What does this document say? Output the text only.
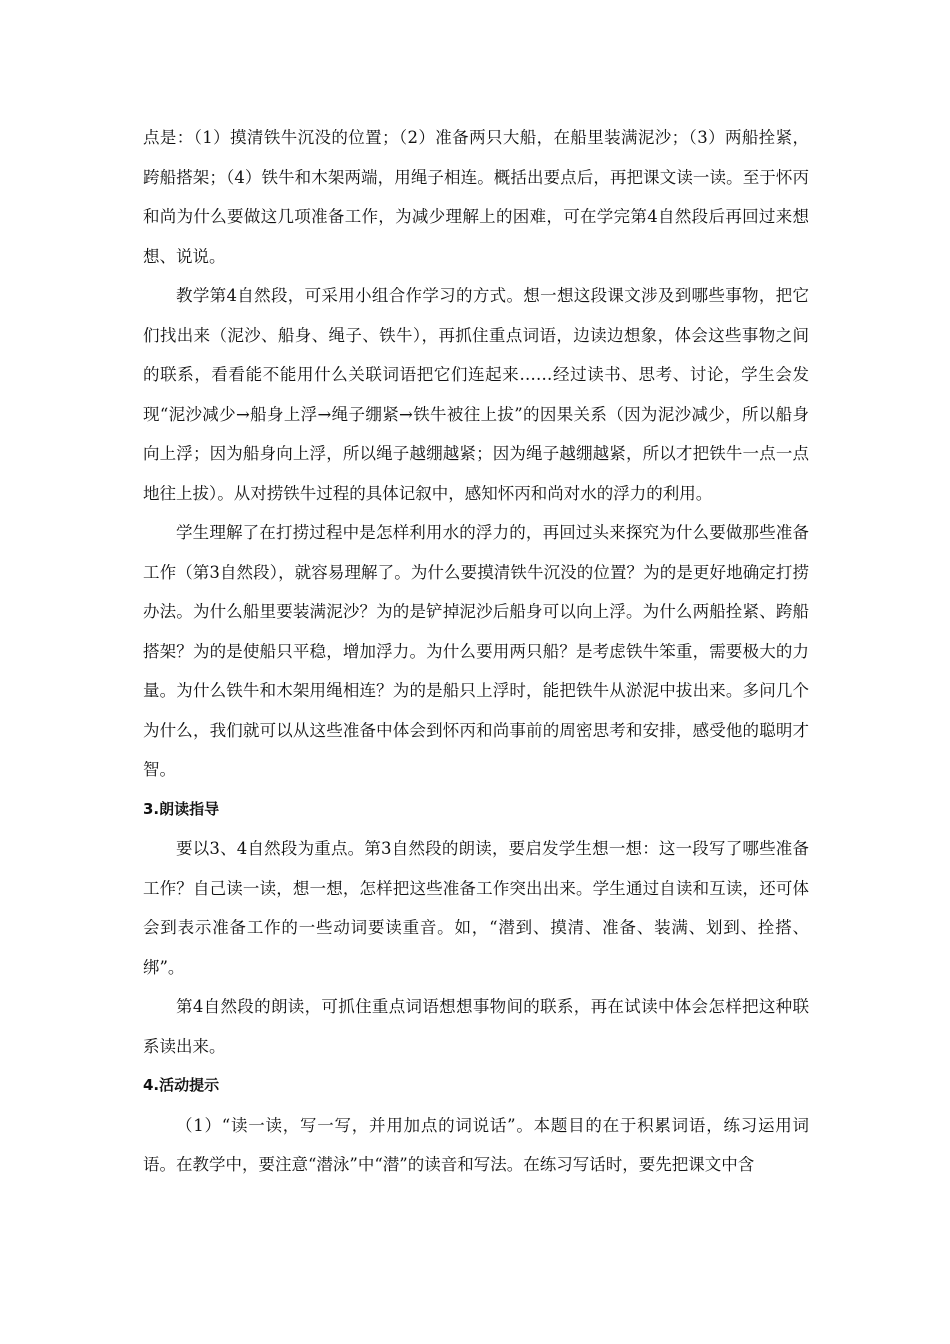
点是：（1）摸清铁牛沉没的位置；（2）准备两只大船，在船里装满泥沙；（3）两船拴紧，跨船搭架；（4）铁牛和木架两端，用绳子相连。概括出要点后，再把课文读一读。至于怀丙和尚为什么要做这几项准备工作，为减少理解上的困难，可在学完第4自然段后再回过来想想、说说。

教学第4自然段，可采用小组合作学习的方式。想一想这段课文涉及到哪些事物，把它们找出来（泥沙、船身、绳子、铁牛），再抓住重点词语，边读边想象，体会这些事物之间的联系，看看能不能用什么关联词语把它们连起来……经过读书、思考、讨论，学生会发现“泥沙减少→船身上浮→绳子绷紧→铁牛被往上拔”的因果关系（因为泥沙减少，所以船身向上浮；因为船身向上浮，所以绳子越绷越紧；因为绳子越绷越紧，所以才把铁牛一点一点地往上拔）。从对捞铁牛过程的具体记叙中，感知怀丙和尚对水的浮力的利用。

学生理解了在打捞过程中是怎样利用水的浮力的，再回过头来探究为什么要做那些准备工作（第3自然段），就容易理解了。为什么要摸清铁牛沉没的位置？为的是更好地确定打捞办法。为什么船里要装满泥沙？为的是铲掉泥沙后船身可以向上浮。为什么两船拴紧、跨船搭架？为的是使船只平稳，增加浮力。为什么要用两只船？是考虑铁牛笨重，需要极大的力量。为什么铁牛和木架用绳相连？为的是船只上浮时，能把铁牛从淤泥中拔出来。多问几个为什么，我们就可以从这些准备中体会到怀丙和尚事前的周密思考和安排，感受他的聪明才智。

3.朗读指导

要以3、4自然段为重点。第3自然段的朗读，要启发学生想一想：这一段写了哪些准备工作？自己读一读，想一想，怎样把这些准备工作突出出来。学生通过自读和互读，还可体会到表示准备工作的一些动词要读重音。如，“潜到、摸清、准备、装满、划到、拴搭、绑”。

第4自然段的朗读，可抓住重点词语想想事物间的联系，再在试读中体会怎样把这种联系读出来。

4.活动提示

（1）“读一读，写一写，并用加点的词说话”。本题目的在于积累词语，练习运用词语。在教学中，要注意“潜泳”中“潜”的读音和写法。在练习写话时，要先把课文中含
